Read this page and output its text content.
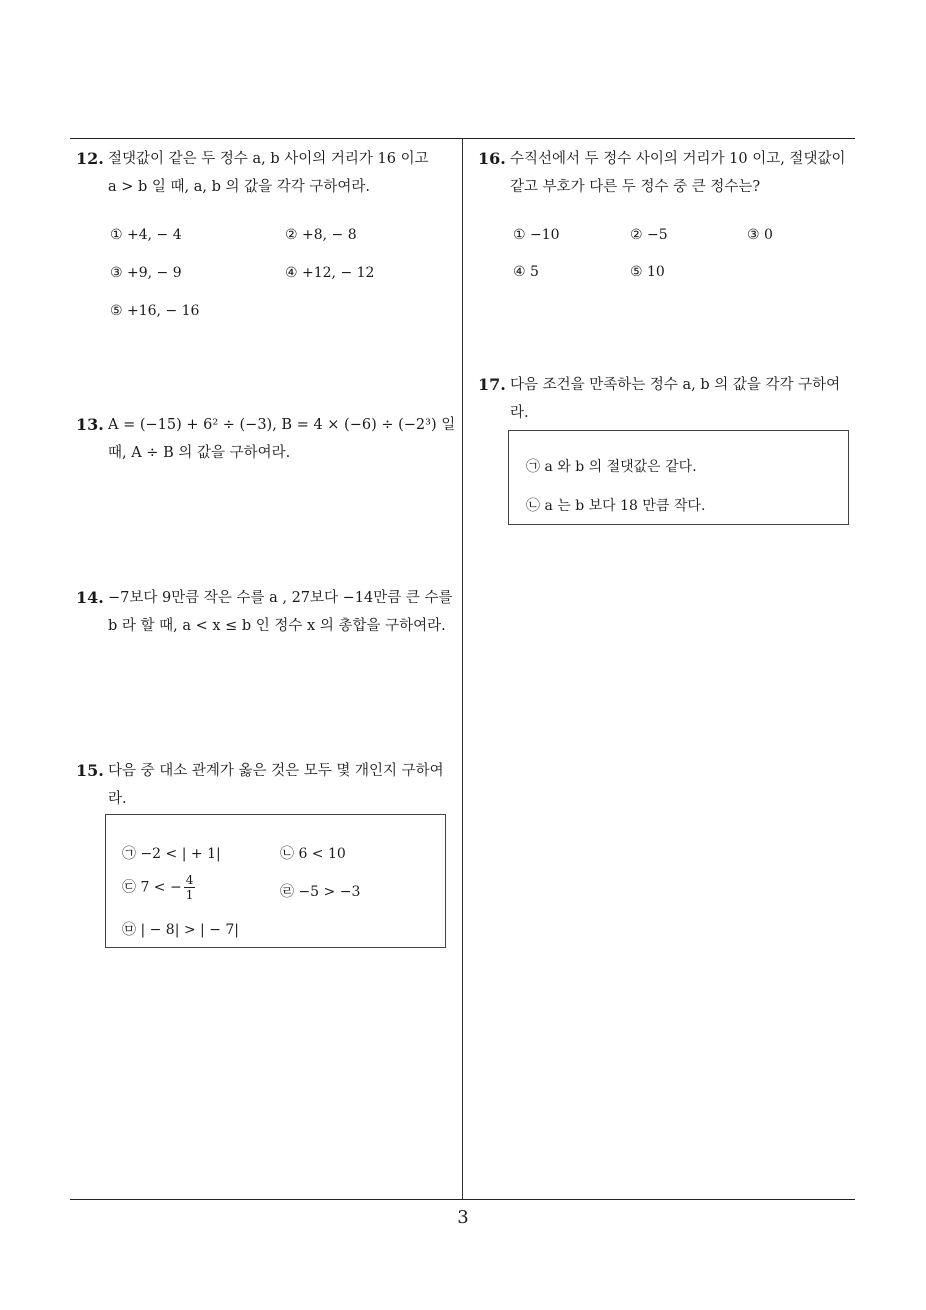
12. 절댓값이 같은 두 정수 a, b 사이의 거리가 16 이고
a > b 일 때, a, b 의 값을 각각 구하여라.
① +4, − 4	② +8, − 8
③ +9, − 9	④ +12, − 12
⑤ +16, − 16
13. A = (−15) + 6² ÷ (−3), B = 4 × (−6) ÷ (−2³) 일
때, A ÷ B 의 값을 구하여라.
14. −7보다 9만큼 작은 수를 a , 27보다 −14만큼 큰 수를
b 라 할 때, a < x ≤ b 인 정수 x 의 총합을 구하여라.
15. 다음 중 대소 관계가 옳은 것은 모두 몇 개인지 구하여
라.
㉠ −2 < | + 1|	㉡ 6 < 10
㉢ 7 < − $\frac{4}{1}$	㉣ −5 > −3
㉤ | − 8| > | − 7|
16. 수직선에서 두 정수 사이의 거리가 10 이고, 절댓값이
같고 부호가 다른 두 정수 중 큰 정수는?
① −10	② −5	③ 0
④ 5	⑤ 10
17. 다음 조건을 만족하는 정수 a, b 의 값을 각각 구하여
라.
㉠ a 와 b 의 절댓값은 같다.
㉡ a 는 b 보다 18 만큼 작다.
3
